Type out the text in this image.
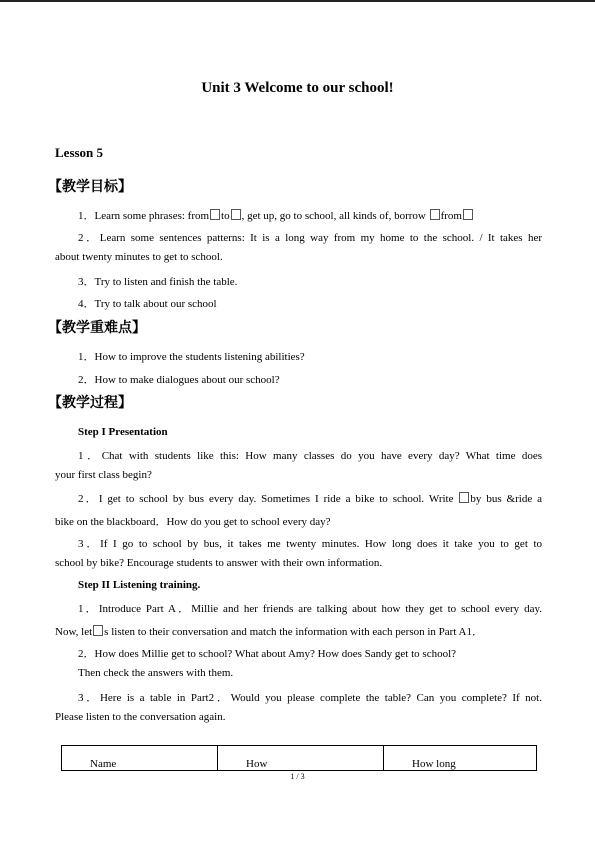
Unit 3 Welcome to our school!
Lesson 5
【教学目标】
1．Learn some phrases: from to , get up, go to school, all kinds of, borrow from
2．Learn some sentences patterns: It is a long way from my home to the school. / It takes her
about twenty minutes to get to school.
3．Try to listen and finish the table.
4．Try to talk about our school
【教学重难点】
1．How to improve the students listening abilities?
2．How to make dialogues about our school?
【教学过程】
Step I Presentation
1．Chat with students like this: How many classes do you have every day? What time does
your first class begin?
2．I get to school by bus every day. Sometimes I ride a bike to school. Write by bus &ride a
bike on the blackboard．How do you get to school every day?
3．If I go to school by bus, it takes me twenty minutes. How long does it take you to get to
school by bike? Encourage students to answer with their own information.
Step II Listening training.
1．Introduce Part A．Millie and her friends are talking about how they get to school every day.
Now, let s listen to their conversation and match the information with each person in Part A1．
2．How does Millie get to school? What about Amy? How does Sandy get to school?
Then check the answers with them.
3．Here is a table in Part2．Would you please complete the table? Can you complete? If not.
Please listen to the conversation again.
Name	How	How long
1 / 3
